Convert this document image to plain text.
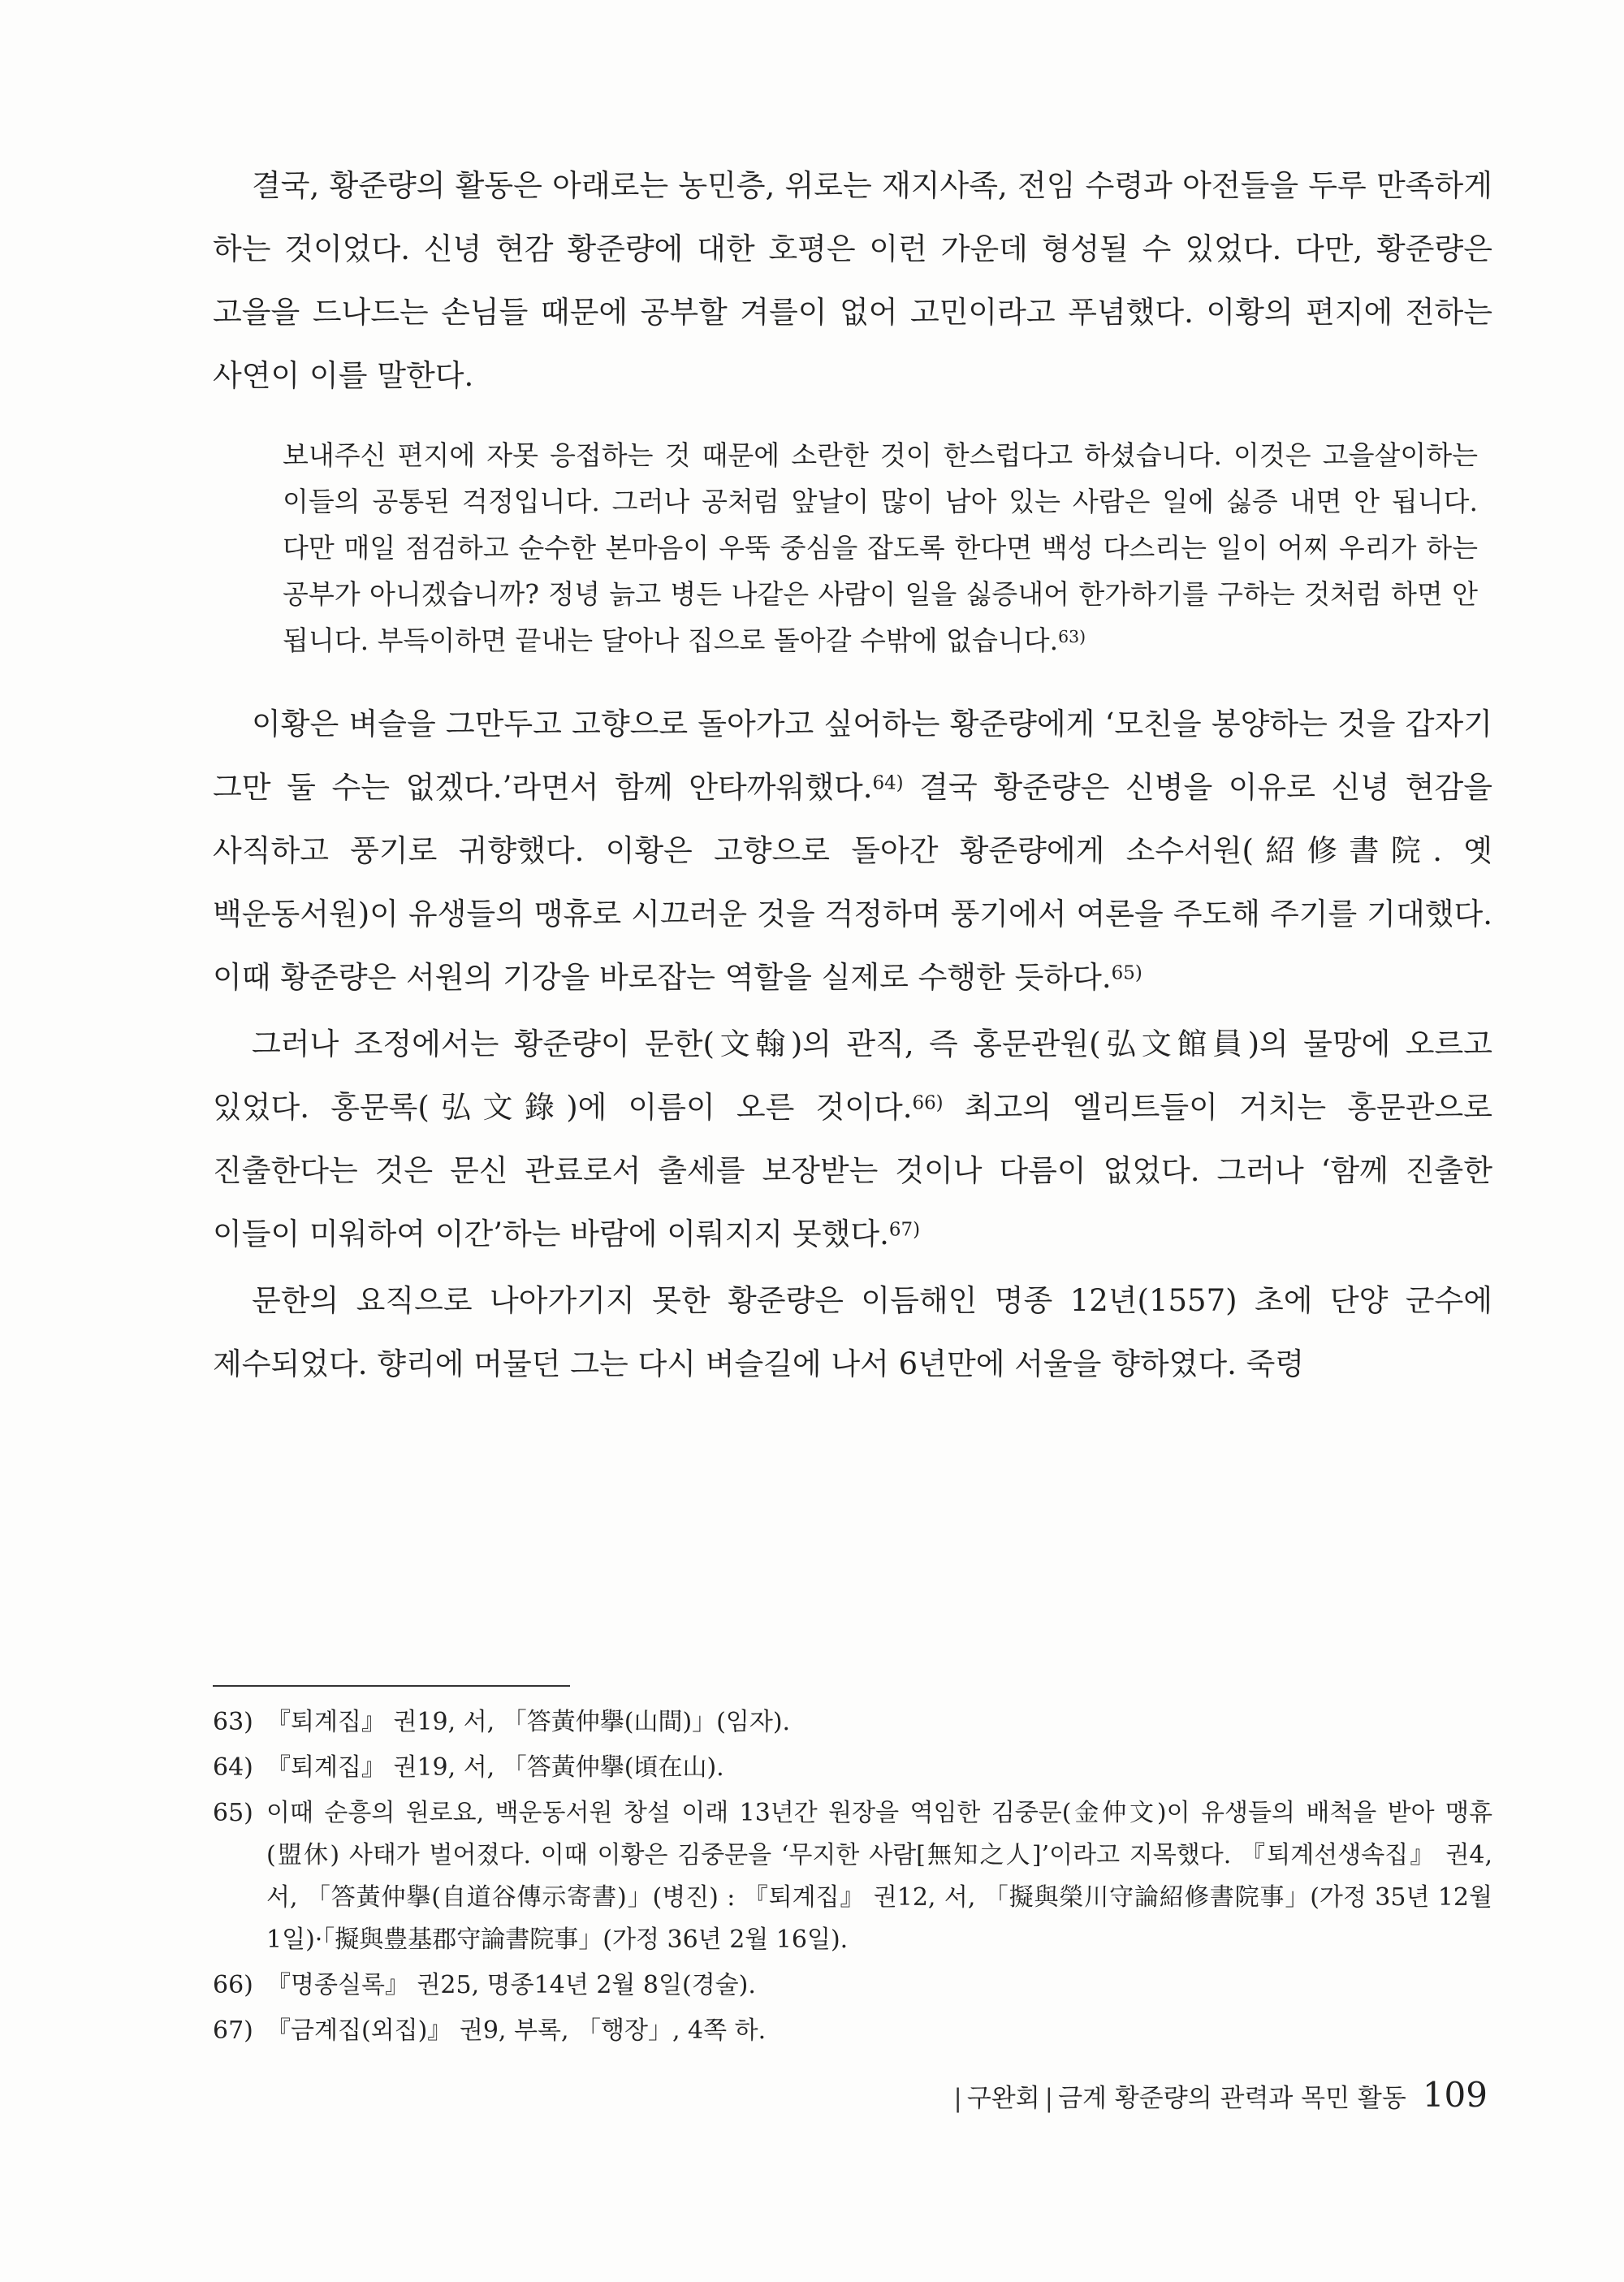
결국, 황준량의 활동은 아래로는 농민층, 위로는 재지사족, 전임 수령과 아전들을 두루 만족하게 하는 것이었다. 신녕 현감 황준량에 대한 호평은 이런 가운데 형성될 수 있었다. 다만, 황준량은 고을을 드나드는 손님들 때문에 공부할 겨를이 없어 고민이라고 푸념했다. 이황의 편지에 전하는 사연이 이를 말한다.

보내주신 편지에 자못 응접하는 것 때문에 소란한 것이 한스럽다고 하셨습니다. 이것은 고을살이하는 이들의 공통된 걱정입니다. 그러나 공처럼 앞날이 많이 남아 있는 사람은 일에 싫증 내면 안 됩니다. 다만 매일 점검하고 순수한 본마음이 우뚝 중심을 잡도록 한다면 백성 다스리는 일이 어찌 우리가 하는 공부가 아니겠습니까? 정녕 늙고 병든 나같은 사람이 일을 싫증내어 한가하기를 구하는 것처럼 하면 안 됩니다. 부득이하면 끝내는 달아나 집으로 돌아갈 수밖에 없습니다.$^{63)}$

이황은 벼슬을 그만두고 고향으로 돌아가고 싶어하는 황준량에게 ‘모친을 봉양하는 것을 갑자기 그만 둘 수는 없겠다.’라면서 함께 안타까워했다.$^{64)}$ 결국 황준량은 신병을 이유로 신녕 현감을 사직하고 풍기로 귀향했다. 이황은 고향으로 돌아간 황준량에게 소수서원(紹修書院. 옛 백운동서원)이 유생들의 맹휴로 시끄러운 것을 걱정하며 풍기에서 여론을 주도해 주기를 기대했다. 이때 황준량은 서원의 기강을 바로잡는 역할을 실제로 수행한 듯하다.$^{65)}$

그러나 조정에서는 황준량이 문한(文翰)의 관직, 즉 홍문관원(弘文館員)의 물망에 오르고 있었다. 홍문록(弘文錄)에 이름이 오른 것이다.$^{66)}$ 최고의 엘리트들이 거치는 홍문관으로 진출한다는 것은 문신 관료로서 출세를 보장받는 것이나 다름이 없었다. 그러나 ‘함께 진출한 이들이 미워하여 이간’하는 바람에 이뤄지지 못했다.$^{67)}$

문한의 요직으로 나아가기지 못한 황준량은 이듬해인 명종 12년(1557) 초에 단양 군수에 제수되었다. 향리에 머물던 그는 다시 벼슬길에 나서 6년만에 서울을 향하였다. 죽령

63) 『퇴계집』 권19, 서, 「答黃仲擧(山間)」(임자).
64) 『퇴계집』 권19, 서, 「答黃仲擧(頃在山).
65) 이때 순흥의 원로요, 백운동서원 창설 이래 13년간 원장을 역임한 김중문(金仲文)이 유생들의 배척을 받아 맹휴(盟休) 사태가 벌어졌다. 이때 이황은 김중문을 ‘무지한 사람[無知之人]’이라고 지목했다. 『퇴계선생속집』 권4, 서, 「答黃仲擧(自道谷傳示寄書)」(병진) : 『퇴계집』 권12, 서, 「擬與榮川守論紹修書院事」(가정 35년 12월 1일)·「擬與豊基郡守論書院事」(가정 36년 2월 16일).
66) 『명종실록』 권25, 명종14년 2월 8일(경술).
67) 『금계집(외집)』 권9, 부록, 「행장」, 4쪽 하.
| 구완회 | 금계 황준량의 관력과 목민 활동 109
